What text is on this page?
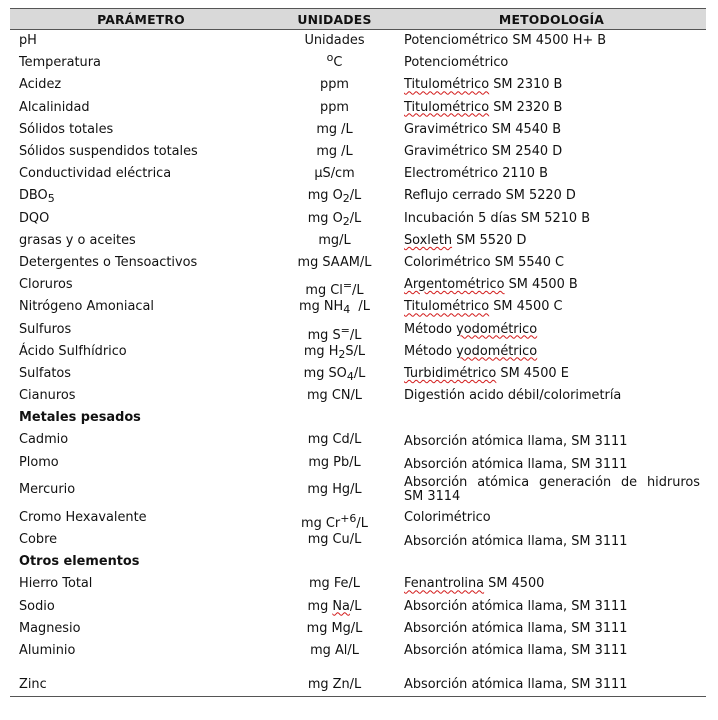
PARÁMETRO	UNIDADES	METODOLOGÍA
pH	Unidades	Potenciométrico SM 4500 H+ B
Temperatura	$^o$C	Potenciométrico
Acidez	ppm	Titulométrico SM 2310 B
Alcalinidad	ppm	Titulométrico SM 2320 B
Sólidos totales	mg /L	Gravimétrico SM 4540 B
Sólidos suspendidos totales	mg /L	Gravimétrico SM 2540 D
Conductividad eléctrica	µS/cm	Electrométrico 2110 B
$DBO_5$	mg $O_2/L$	Reflujo cerrado SM 5220 D
DQO	mg $O_2/L$	Incubación 5 días SM 5210 B
grasas y o aceites	mg/L	Soxleth SM 5520 D
Detergentes o Tensoactivos	mg SAAM/L	Colorimétrico SM 5540 C
Cloruros	mg Cl=/L	Argentométrico SM 4500 B
Nitrógeno Amoniacal	mg $NH_4$  /L	Titulométrico SM 4500 C
Sulfuros	mg S=/L	Método yodométrico
Ácido Sulfhídrico	mg $H_2S/L$	Método yodométrico
Sulfatos	mg $SO_4/L$	Turbidimétrico SM 4500 E
Cianuros	mg CN/L	Digestión acido débil/colorimetría
Metales pesados		
Cadmio	mg Cd/L	Absorción atómica llama, SM 3111
Plomo	mg Pb/L	Absorción atómica llama, SM 3111
Mercurio	mg Hg/L	Absorción atómica generación de hidruros SM 3114
Cromo Hexavalente	mg $Cr^{+6}/L$	Colorimétrico
Cobre	mg Cu/L	Absorción atómica llama, SM 3111
Otros elementos		
Hierro Total	mg Fe/L	Fenantrolina SM 4500
Sodio	mg Na/L	Absorción atómica llama, SM 3111
Magnesio	mg Mg/L	Absorción atómica llama, SM 3111
Aluminio	mg Al/L	Absorción atómica llama, SM 3111
Zinc	mg Zn/L	Absorción atómica llama, SM 3111
